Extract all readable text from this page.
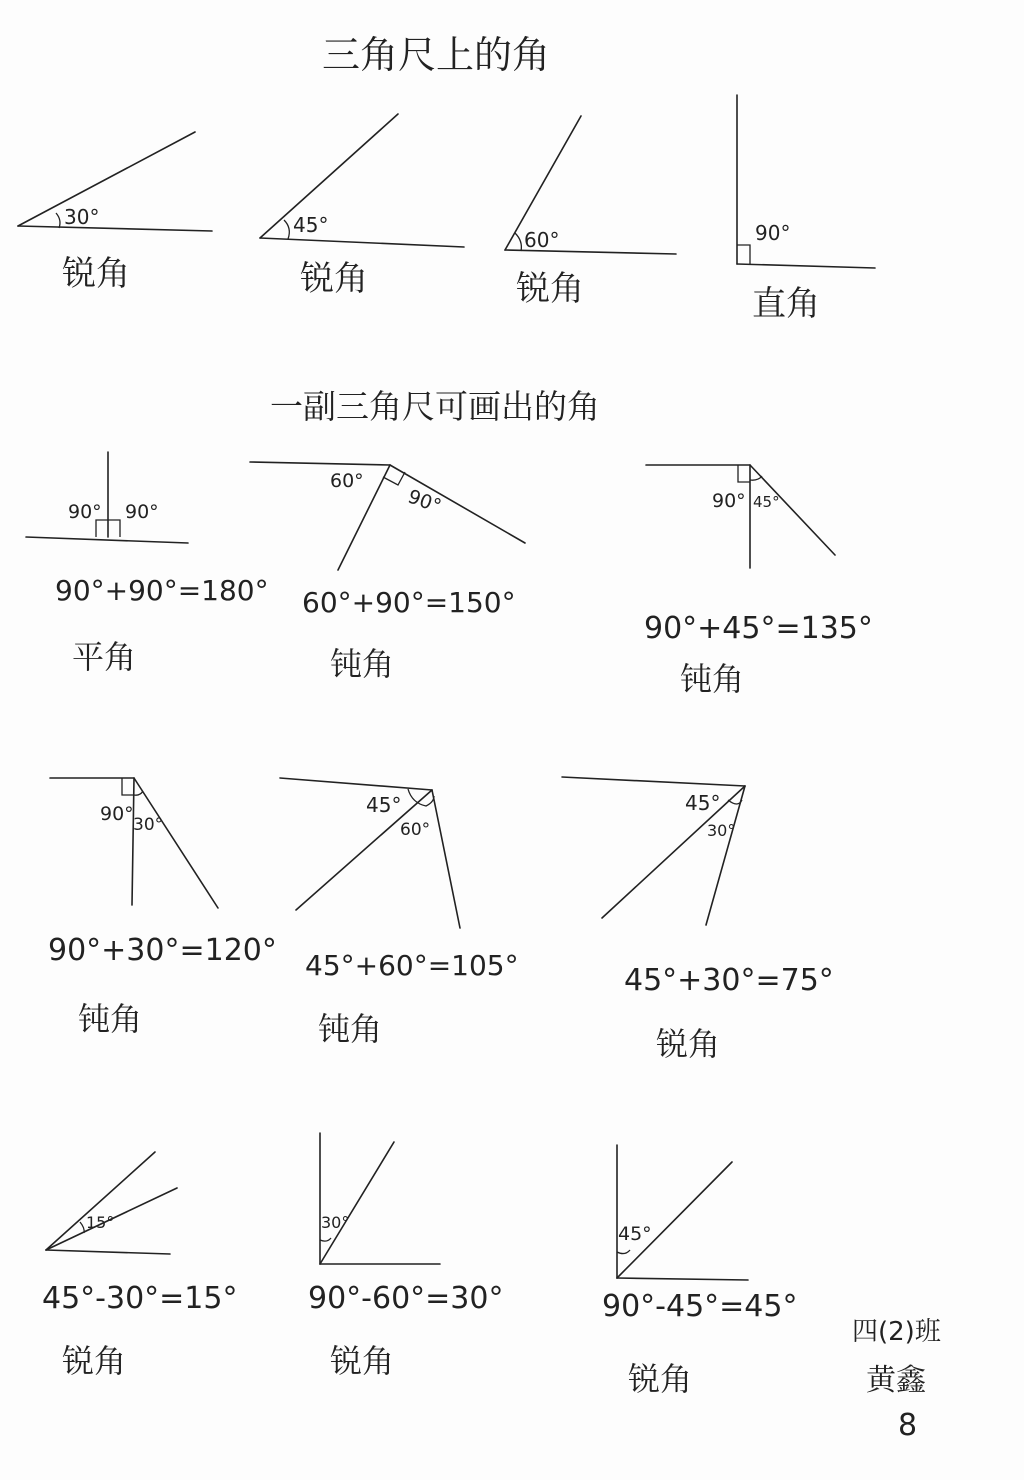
三角尺上的角
一副三角尺可画出的角
30°
锐角
45°
锐角
60°
锐角
90°
直角
90° 90°
90°+90°=180°
平角
60°
90°
60°+90°=150°
钝角
90° 45°
90°+45°=135°
钝角
90° 30°
90°+30°=120°
钝角
45°
60°
45°+60°=105°
钝角
45°
30°
45°+30°=75°
锐角
15°
45°-30°=15°
锐角
30°
90°-60°=30°
锐角
45°
90°-45°=45°
锐角
四(2)班
黄鑫
8
